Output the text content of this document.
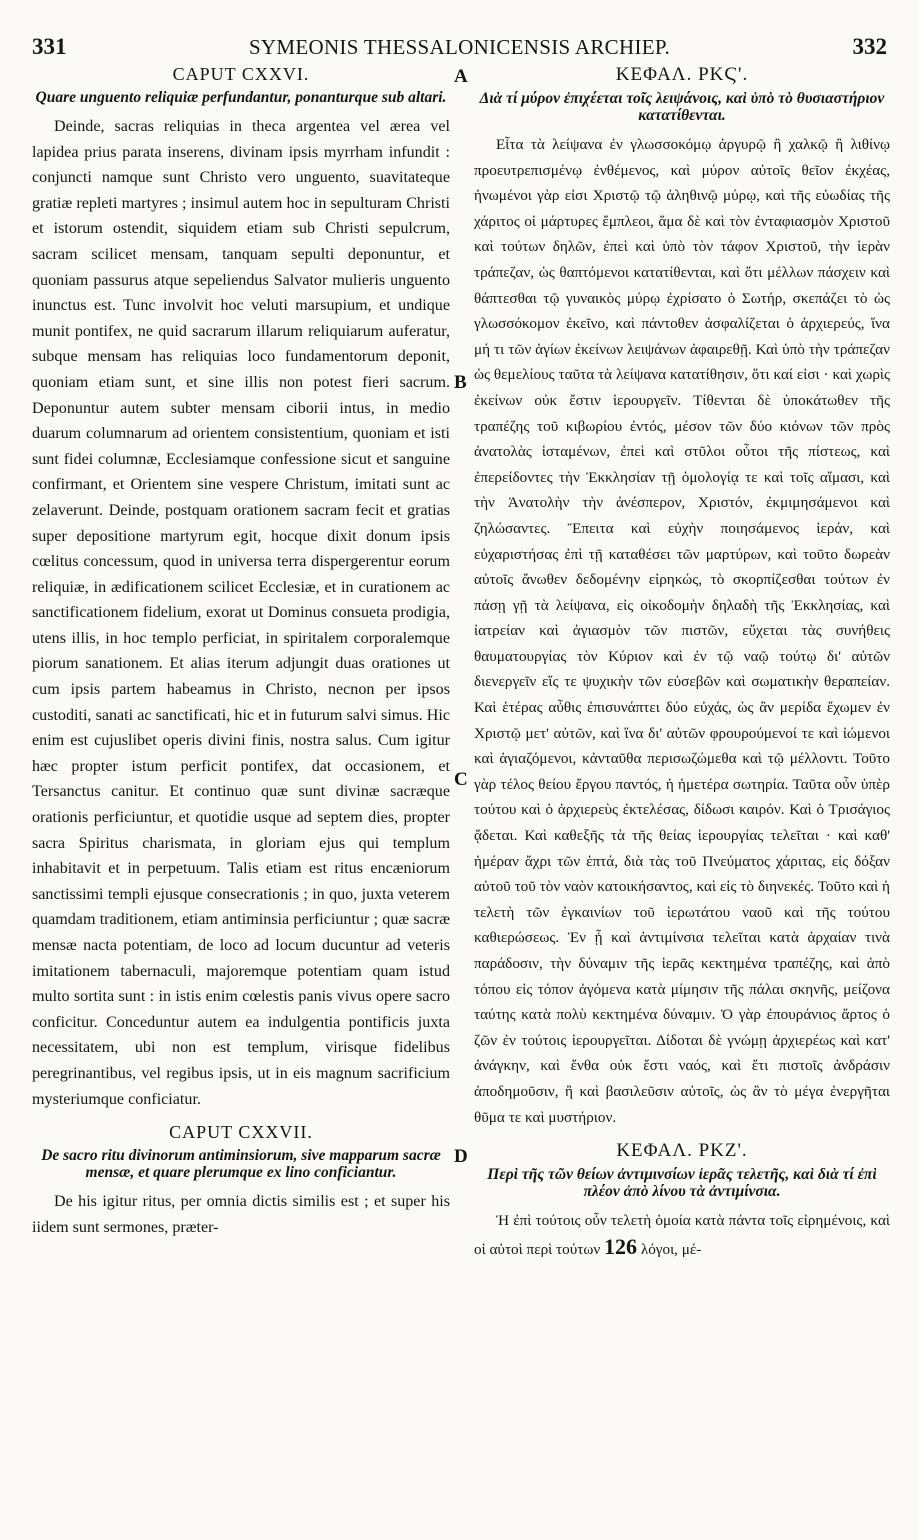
331	SYMEONIS THESSALONICENSIS ARCHIEP.	332
CAPUT CXXVI.
Quare unguento reliquiæ perfundantur, ponanturque sub altari.

Deinde, sacras reliquias in theca argentea vel ærea vel lapidea prius parata inserens, divinam ipsis myrrham infundit : conjuncti namque sunt Christo vero unguento, suavitateque gratiæ repleti martyres ; insimul autem hoc in sepulturam Christi et istorum ostendit, siquidem etiam sub Christi sepulcrum, sacram scilicet mensam, tanquam sepulti deponuntur, et quoniam passurus atque sepeliendus Salvator mulieris unguento inunctus est. Tunc involvit hoc veluti marsupium, et undique munit pontifex, ne quid sacrarum illarum reliquiarum auferatur, subque mensam has reliquias loco fundamentorum deponit, quoniam etiam sunt, et sine illis non potest fieri sacrum. Deponuntur autem subter mensam ciborii intus, in medio duarum columnarum ad orientem consistentium, quoniam et isti sunt fidei columnæ, Ecclesiamque confessione sicut et sanguine confirmant, et Orientem sine vespere Christum, imitati sunt ac zelaverunt. Deinde, postquam orationem sacram fecit et gratias super depositione martyrum egit, hocque dixit donum ipsis cœlitus concessum, quod in universa terra dispergerentur eorum reliquiæ, in ædificationem scilicet Ecclesiæ, et in curationem ac sanctificationem fidelium, exorat ut Dominus consueta prodigia, utens illis, in hoc templo perficiat, in spiritalem corporalemque piorum sanationem. Et alias iterum adjungit duas orationes ut cum ipsis partem habeamus in Christo, necnon per ipsos custoditi, sanati ac sanctificati, hic et in futurum salvi simus. Hic enim est cujuslibet operis divini finis, nostra salus. Cum igitur hæc propter istum perficit pontifex, dat occasionem, et Tersanctus canitur. Et continuo quæ sunt divinæ sacræque orationis perficiuntur, et quotidie usque ad septem dies, propter sacra Spiritus charismata, in gloriam ejus qui templum inhabitavit et in perpetuum. Talis etiam est ritus encæniorum sanctissimi templi ejusque consecrationis ; in quo, juxta veterem quamdam traditionem, etiam antiminsia perficiuntur ; quæ sacræ mensæ nacta potentiam, de loco ad locum ducuntur ad veteris imitationem tabernaculi, majoremque potentiam quam istud multo sortita sunt : in istis enim cœlestis panis vivus opere sacro conficitur. Conceduntur autem ea indulgentia pontificis juxta necessitatem, ubi non est templum, virisque fidelibus peregrinantibus, vel regibus ipsis, ut in eis magnum sacrificium mysteriumque conficiatur.

CAPUT CXXVII.
De sacro ritu divinorum antiminsiorum, sive mapparum sacræ mensæ, et quare plerumque ex lino conficiantur.

De his igitur ritus, per omnia dictis similis est ; et super his iidem sunt sermones, præter-

A
B
C
D
ΚΕΦΑΛ. ΡΚϚ'.
Διὰ τί μύρον ἐπιχέεται τοῖς λειψάνοις, καὶ ὑπὸ τὸ θυσιαστήριον κατατίθενται.

Εἶτα τὰ λείψανα ἐν γλωσσοκόμῳ ἀργυρῷ ἢ χαλκῷ ἢ λιθίνῳ προευτρεπισμένῳ ἐνθέμενος, καὶ μύρον αὐτοῖς θεῖον ἐκχέας, ἡνωμένοι γὰρ εἰσι Χριστῷ τῷ ἀληθινῷ μύρῳ, καὶ τῆς εὐωδίας τῆς χάριτος οἱ μάρτυρες ἔμπλεοι, ἅμα δὲ καὶ τὸν ἐνταφιασμὸν Χριστοῦ καὶ τούτων δηλῶν, ἐπεὶ καὶ ὑπὸ τὸν τάφον Χριστοῦ, τὴν ἱερὰν τράπεζαν, ὡς θαπτόμενοι κατατίθενται, καὶ ὅτι μέλλων πάσχειν καὶ θάπτεσθαι τῷ γυναικὸς μύρῳ ἐχρίσατο ὁ Σωτήρ, σκεπάζει τὸ ὡς γλωσσόκομον ἐκεῖνο, καὶ πάντοθεν ἀσφαλίζεται ὁ ἀρχιερεύς, ἵνα μή τι τῶν ἁγίων ἐκείνων λειψάνων ἀφαιρεθῇ. Καὶ ὑπὸ τὴν τράπεζαν ὡς θεμελίους ταῦτα τὰ λείψανα κατατίθησιν, ὅτι καί εἰσι · καὶ χωρὶς ἐκείνων οὐκ ἔστιν ἱερουργεῖν. Τίθενται δὲ ὑποκάτωθεν τῆς τραπέζης τοῦ κιβωρίου ἐντός, μέσον τῶν δύο κιόνων τῶν πρὸς ἀνατολὰς ἱσταμένων, ἐπεὶ καὶ στῦλοι οὗτοι τῆς πίστεως, καὶ ἐπερείδοντες τὴν Ἐκκλησίαν τῇ ὁμολογίᾳ τε καὶ τοῖς αἵμασι, καὶ τὴν Ἀνατολὴν τὴν ἀνέσπερον, Χριστόν, ἐκμιμησάμενοι καὶ ζηλώσαντες. Ἔπειτα καὶ εὐχὴν ποιησάμενος ἱεράν, καὶ εὐχαριστήσας ἐπὶ τῇ καταθέσει τῶν μαρτύρων, καὶ τοῦτο δωρεὰν αὐτοῖς ἄνωθεν δεδομένην εἰρηκώς, τὸ σκορπίζεσθαι τούτων ἐν πάσῃ γῇ τὰ λείψανα, εἰς οἰκοδομὴν δηλαδὴ τῆς Ἐκκλησίας, καὶ ἰατρείαν καὶ ἁγιασμὸν τῶν πιστῶν, εὔχεται τὰς συνήθεις θαυματουργίας τὸν Κύριον καὶ ἐν τῷ ναῷ τούτῳ δι' αὐτῶν διενεργεῖν εἴς τε ψυχικὴν τῶν εὐσεβῶν καὶ σωματικὴν θεραπείαν. Καὶ ἑτέρας αὖθις ἐπισυνάπτει δύο εὐχάς, ὡς ἂν μερίδα ἔχωμεν ἐν Χριστῷ μετ' αὐτῶν, καὶ ἵνα δι' αὐτῶν φρουρούμενοί τε καὶ ἰώμενοι καὶ ἁγιαζόμενοι, κἀνταῦθα περισωζώμεθα καὶ τῷ μέλλοντι. Τοῦτο γὰρ τέλος θείου ἔργου παντός, ἡ ἡμετέρα σωτηρία. Ταῦτα οὖν ὑπὲρ τούτου καὶ ὁ ἀρχιερεὺς ἐκτελέσας, δίδωσι καιρόν. Καὶ ὁ Τρισάγιος ᾄδεται. Καὶ καθεξῆς τὰ τῆς θείας ἱερουργίας τελεῖται · καὶ καθ' ἡμέραν ἄχρι τῶν ἑπτά, διὰ τὰς τοῦ Πνεύματος χάριτας, εἰς δόξαν αὐτοῦ τοῦ τὸν ναὸν κατοικήσαντος, καὶ εἰς τὸ διηνεκές. Τοῦτο καὶ ἡ τελετὴ τῶν ἐγκαινίων τοῦ ἱερωτάτου ναοῦ καὶ τῆς τούτου καθιερώσεως. Ἐν ᾗ καὶ ἀντιμίνσια τελεῖται κατὰ ἀρχαίαν τινὰ παράδοσιν, τὴν δύναμιν τῆς ἱερᾶς κεκτημένα τραπέζης, καὶ ἀπὸ τόπου εἰς τόπον ἀγόμενα κατὰ μίμησιν τῆς πάλαι σκηνῆς, μείζονα ταύτης κατὰ πολὺ κεκτημένα δύναμιν. Ὁ γὰρ ἐπουράνιος ἄρτος ὁ ζῶν ἐν τούτοις ἱερουργεῖται. Δίδοται δὲ γνώμῃ ἀρχιερέως καὶ κατ' ἀνάγκην, καὶ ἔνθα οὐκ ἔστι ναός, καὶ ἔτι πιστοῖς ἀνδράσιν ἀποδημοῦσιν, ἢ καὶ βασιλεῦσιν αὐτοῖς, ὡς ἂν τὸ μέγα ἐνεργῆται θῦμα τε καὶ μυστήριον.

ΚΕΦΑΛ. ΡΚΖ'.
Περὶ τῆς τῶν θείων ἀντιμινσίων ἱερᾶς τελετῆς, καὶ διὰ τί ἐπὶ πλέον ἀπὸ λίνου τὰ ἀντιμίνσια.

Ἡ ἐπὶ τούτοις οὖν τελετὴ ὁμοία κατὰ πάντα τοῖς εἰρημένοις, καὶ οἱ αὐτοὶ περὶ τούτων 126 λόγοι, μέ-
